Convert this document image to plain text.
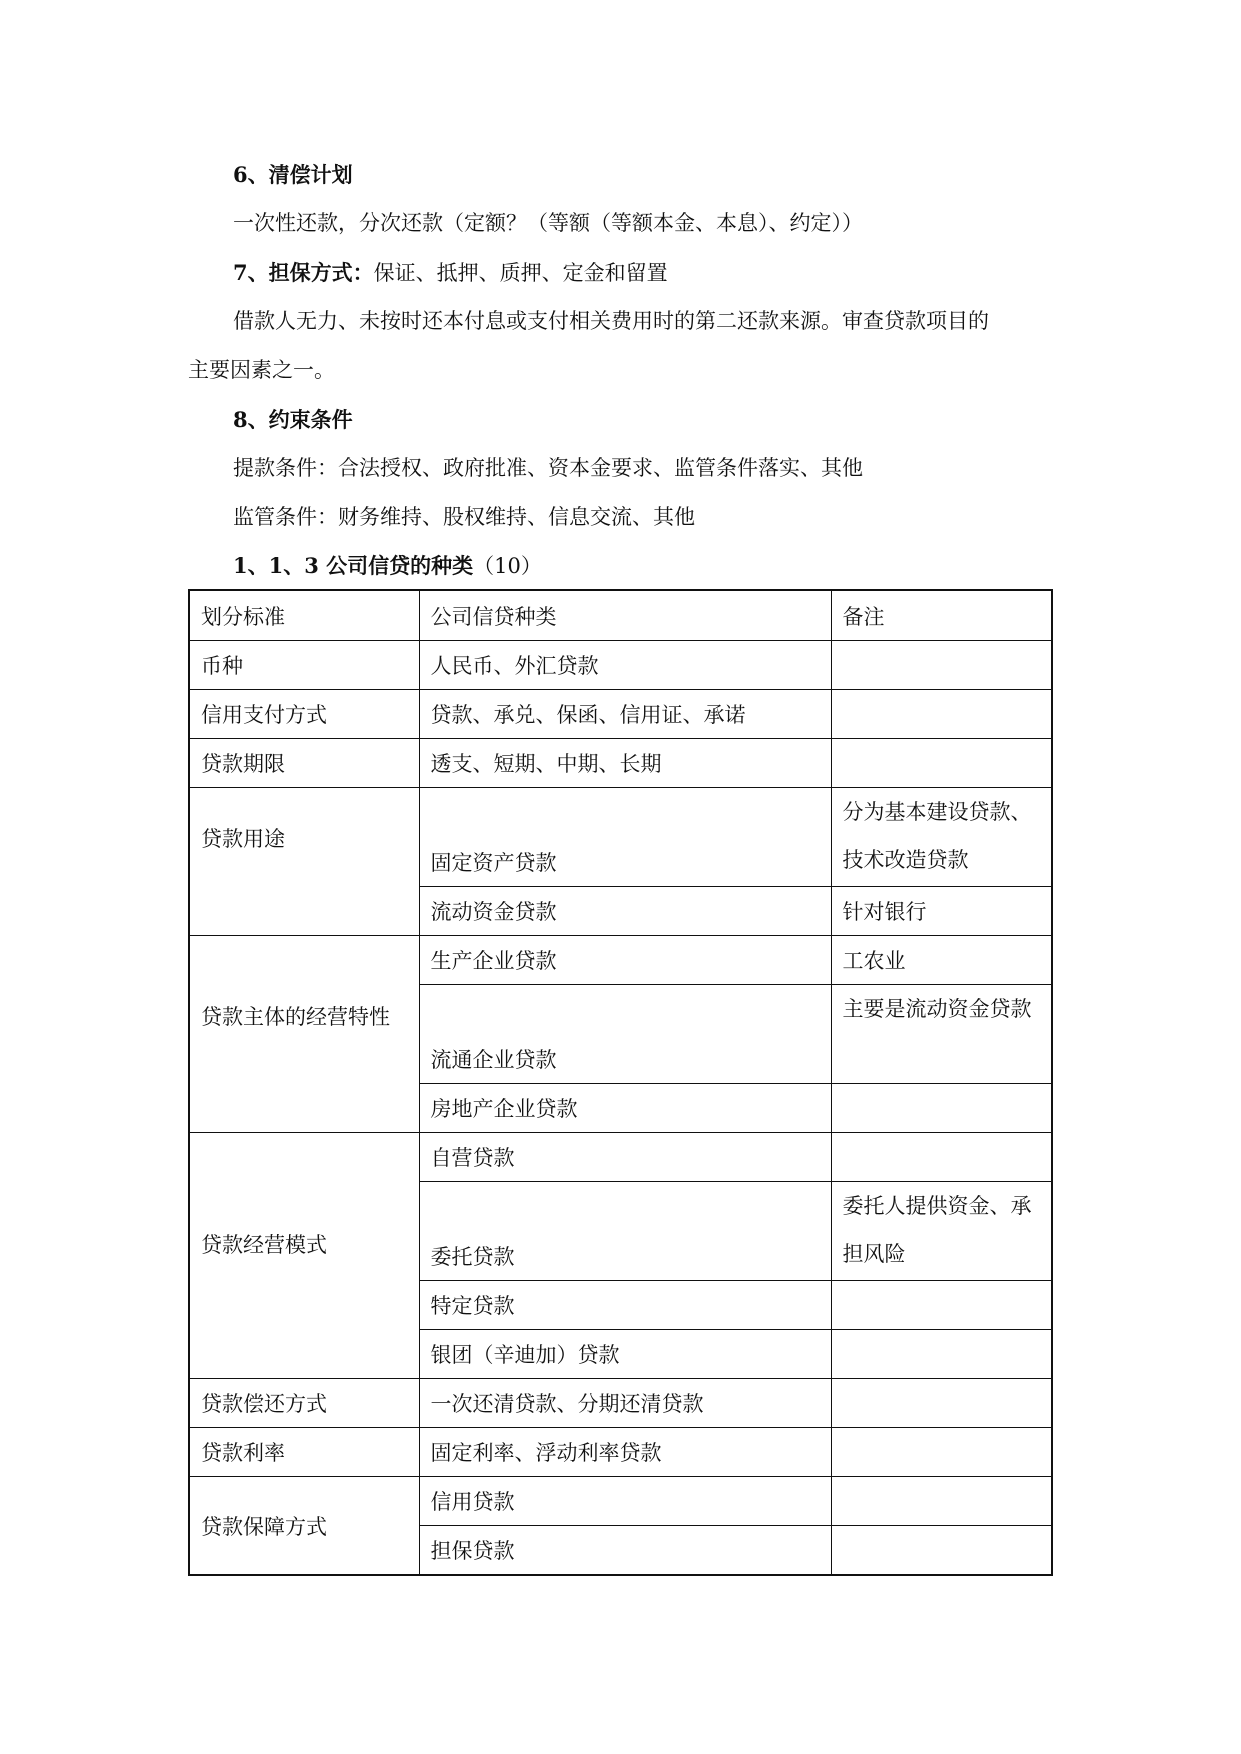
6、清偿计划
一次性还款，分次还款（定额？（等额（等额本金、本息）、约定））
7、担保方式：保证、抵押、质押、定金和留置
借款人无力、未按时还本付息或支付相关费用时的第二还款来源。审查贷款项目的
主要因素之一。
8、约束条件
提款条件：合法授权、政府批准、资本金要求、监管条件落实、其他
监管条件：财务维持、股权维持、信息交流、其他
1、1、3 公司信贷的种类（10）
划分标准	公司信贷种类	备注
币种	人民币、外汇贷款	
信用支付方式	贷款、承兑、保函、信用证、承诺	
贷款期限	透支、短期、中期、长期	
贷款用途	固定资产贷款	分为基本建设贷款、技术改造贷款
	流动资金贷款	针对银行
贷款主体的经营特性	生产企业贷款	工农业
	流通企业贷款	主要是流动资金贷款
	房地产企业贷款	
贷款经营模式	自营贷款	
	委托贷款	委托人提供资金、承担风险
	特定贷款	
	银团（辛迪加）贷款	
贷款偿还方式	一次还清贷款、分期还清贷款	
贷款利率	固定利率、浮动利率贷款	
贷款保障方式	信用贷款	
	担保贷款	
